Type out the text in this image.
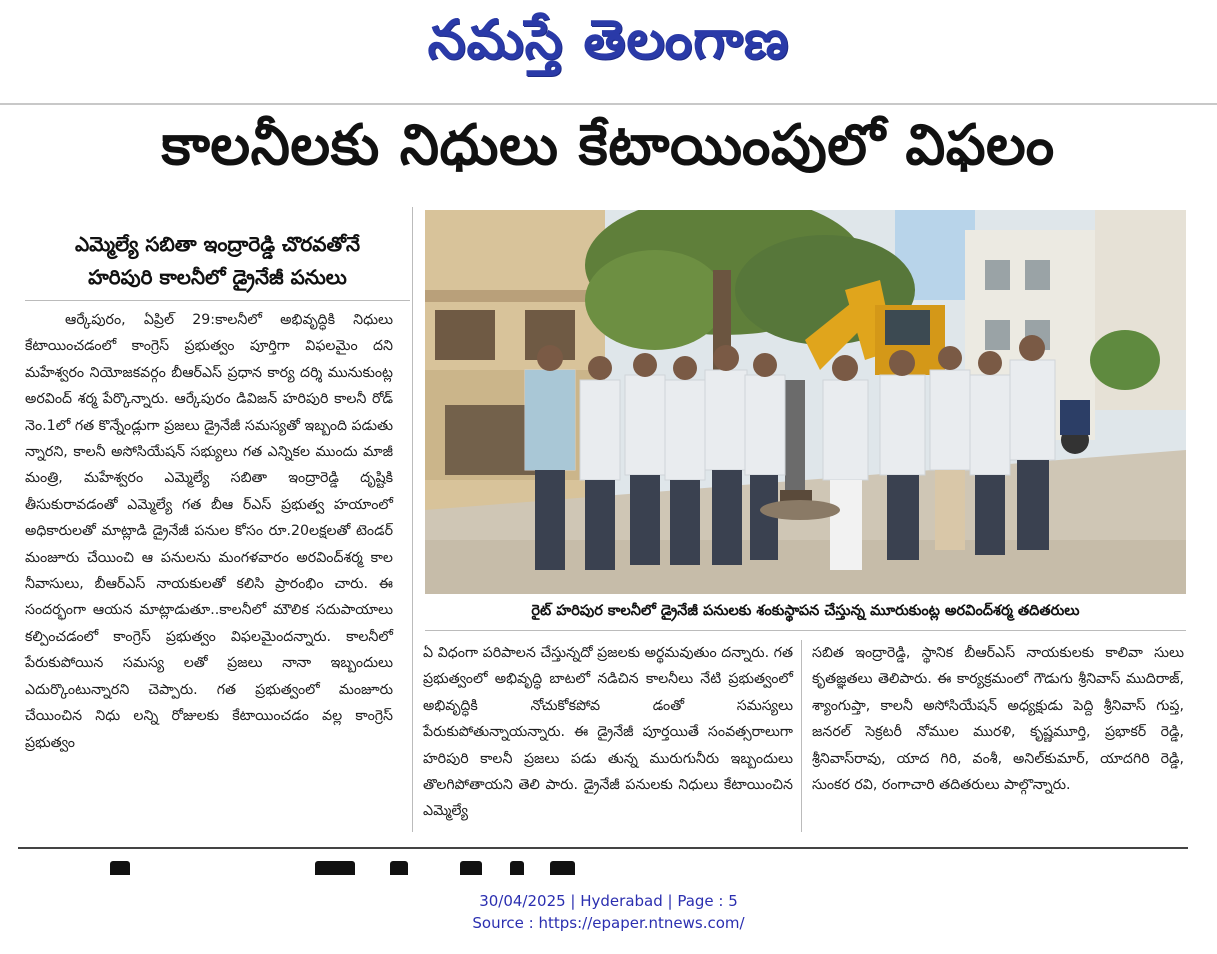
నమస్తే తెలంగాణ
కాలనీలకు నిధులు కేటాయింపులో విఫలం
ఎమ్మెల్యే సబితా ఇంద్రారెడ్డి చొరవతోనే
హరిపురి కాలనీలో డ్రైనేజీ పనులు
ఆర్కేపురం, ఏప్రిల్ 29:కాలనీలో అభివృద్ధికి నిధులు కేటాయించడంలో కాంగ్రెస్ ప్రభుత్వం పూర్తిగా విఫలమైం దని మహేశ్వరం నియోజకవర్గం బీఆర్ఎస్ ప్రధాన కార్య దర్శి మునుకుంట్ల అరవింద్ శర్మ పేర్కొన్నారు. ఆర్కేపురం డివిజన్ హరిపురి కాలనీ రోడ్ నెం.1లో గత కొన్నేండ్లుగా ప్రజలు డ్రైనేజీ సమస్యతో ఇబ్బంది పడుతు న్నారని, కాలనీ అసోసియేషన్ సభ్యులు గత ఎన్నికల ముందు మాజీ మంత్రి, మహేశ్వరం ఎమ్మెల్యే సబితా ఇంద్రారెడ్డి దృష్టికి తీసుకురావడంతో ఎమ్మెల్యే గత బీఆ ర్ఎస్ ప్రభుత్వ హయాంలో అధికారులతో మాట్లాడి డ్రైనేజీ పనుల కోసం రూ.20లక్షలతో టెండర్ మంజూరు చేయించి ఆ పనులను మంగళవారం అరవింద్‌శర్మ కాల నీవాసులు, బీఆర్ఎస్ నాయకులతో కలిసి ప్రారంభిం చారు. ఈ సందర్భంగా ఆయన మాట్లాడుతూ..కాలనీలో మౌలిక సదుపాయాలు కల్పించడంలో కాంగ్రెస్ ప్రభుత్వం విఫలమైందన్నారు. కాలనీలో పేరుకుపోయిన సమస్య లతో ప్రజలు నానా ఇబ్బందులు ఎదుర్కొంటున్నారని చెప్పారు. గత ప్రభుత్వంలో మంజూరు చేయించిన నిధు లన్ని రోజులకు కేటాయించడం వల్ల కాంగ్రెస్ ప్రభుత్వం
రైట్ హరిపుర కాలనీలో డ్రైనేజీ పనులకు శంకుస్థాపన చేస్తున్న మూరుకుంట్ల అరవింద్‌శర్మ తదితరులు
ఏ విధంగా పరిపాలన చేస్తున్నదో ప్రజలకు అర్థమవుతుం దన్నారు. గత ప్రభుత్వంలో అభివృద్ధి బాటలో నడిచిన కాలనీలు నేటి ప్రభుత్వంలో అభివృద్ధికి నోచుకోకపోవ డంతో సమస్యలు పేరుకుపోతున్నాయన్నారు. ఈ డ్రైనేజీ పూర్తయితే సంవత్సరాలుగా హరిపురి కాలనీ ప్రజలు పడు తున్న మురుగునీరు ఇబ్బందులు తొలగిపోతాయని తెలి పారు. డ్రైనేజీ పనులకు నిధులు కేటాయించిన ఎమ్మెల్యే
సబిత ఇంద్రారెడ్డి, స్థానిక బీఆర్ఎస్ నాయకులకు కాలివా సులు కృతజ్ఞతలు తెలిపారు. ఈ కార్యక్రమంలో గౌడుగు శ్రీనివాస్ ముదిరాజ్, శ్యాంగుప్తా, కాలనీ అసోసియేషన్ అధ్యక్షుడు పెద్ది శ్రీనివాస్ గుప్త, జనరల్ సెక్రటరీ నోముల మురళి, కృష్ణమూర్తి, ప్రభాకర్ రెడ్డి, శ్రీనివాస్‌రావు, యాద గిరి, వంశీ, అనిల్‌కుమార్, యాదగిరి రెడ్డి, సుంకర రవి, రంగాచారి తదితరులు పాల్గొన్నారు.
30/04/2025 | Hyderabad | Page : 5
Source : https://epaper.ntnews.com/
